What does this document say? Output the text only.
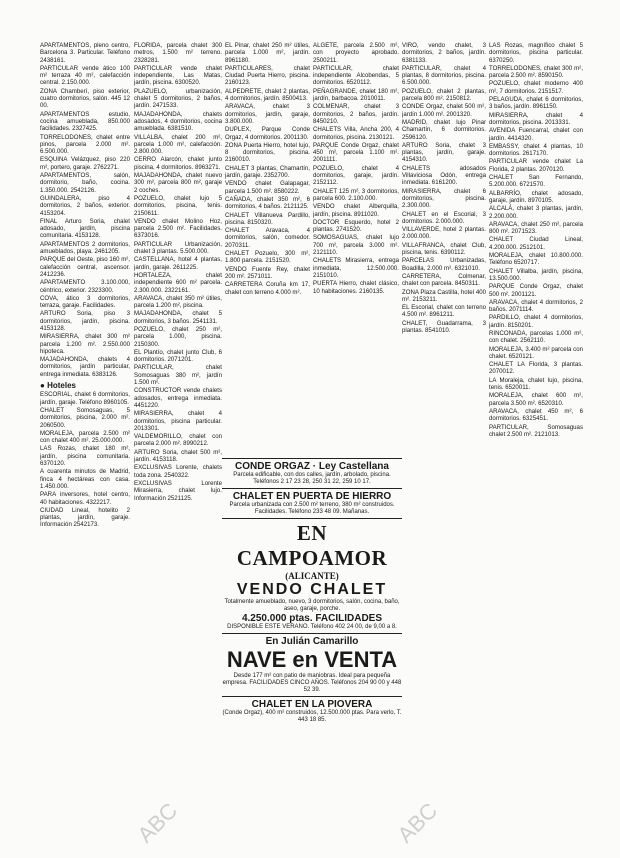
APARTAMENTOS, pleno centro, Barcelona 3. Particular. Teléfono 2438161.

PARTICULAR vende ático 100 m² terraza 40 m², calefacción central. 2.150.000.

ZONA Chamberí, piso exterior, cuatro dormitorios, salón. 445 12 00.

APARTAMENTOS estudio, cocina amueblada, 850.000 facilidades. 2327425.

TORRELODONES, chalet entre pinos, parcela 2.000 m². 6.500.000.

ESQUINA Velázquez, piso 220 m², portero, garaje. 2762271.

APARTAMENTOS, salón, dormitorio, baño, cocina. 1.350.000. 2542126.

GUINDALERA, piso 4 dormitorios, 2 baños, exterior. 4153204.

FINAL Arturo Soria, chalet adosado, jardín, piscina comunitaria. 4153128.

APARTAMENTOS 2 dormitorios, amueblados, playa. 2461205.

PARQUE del Oeste, piso 160 m², calefacción central, ascensor. 2412236.

APARTAMENTO 3.100.000, céntrico, exterior. 2323300.

COVA, ático 3 dormitorios, terraza, garaje. Facilidades.

ARTURO Soria, piso 3 dormitorios, jardín, piscina. 4153128.

MIRASIERRA, chalet 300 m² parcela 1.200 m². 2.550.000 hipoteca.

MAJADAHONDA, chalets 4 dormitorios, jardín particular, entrega inmediata. 6383126.

● Hoteles

ESCORIAL, chalet 6 dormitorios, jardín, garaje. Teléfono 8960105.

CHALET Somosaguas, 5 dormitorios, piscina, 2.000 m². 2060500.

MORALEJA, parcela 2.500 m² con chalet 400 m². 25.000.000.

LAS Rozas, chalet 180 m², jardín, piscina comunitaria. 6370120.

A cuarenta minutos de Madrid, finca 4 hectáreas con casa. 1.450.000.

PARA inversores, hotel centro, 40 habitaciones. 4322217.

CIUDAD Lineal, hotelito 2 plantas, jardín, garaje. Información 2542173.

FLORIDA, parcela chalet 300 metros, 1.500 m² terreno. 2328281.

PARTICULAR vende chalet independiente, Las Matas, jardín, piscina. 6300520.

PLAZUELO, urbanización, chalet 5 dormitorios, 2 baños, jardín. 2471533.

MAJADAHONDA, chalets adosados, 4 dormitorios, cocina amueblada. 6381510.

VILLALBA, chalet 200 m², parcela 1.000 m², calefacción. 2.800.000.

CERRO Alarcón, chalet junto piscina, 4 dormitorios. 8963271.

MAJADAHONDA, chalet nuevo 300 m², parcela 800 m², garaje 2 coches.

POZUELO, chalet lujo 5 dormitorios, piscina, tenis. 2150611.

VENDO chalet Molino Hoz, parcela 2.500 m². Facilidades. 6373016.

PARTICULAR Urbanización, chalet 3 plantas. 5.500.000.

CASTELLANA, hotel 4 plantas, jardín, garaje. 2611225.

HORTALEZA, chalet independiente 600 m² parcela. 2.300.000. 2322161.

ARAVACA, chalet 350 m² útiles, parcela 1.200 m², piscina.

MAJADAHONDA, chalet 5 dormitorios, 3 baños. 2541131.

POZUELO, chalet 250 m², parcela 1.000, piscina. 2150300.

EL Plantío, chalet junto Club, 6 dormitorios. 2071201.

PARTICULAR, chalet Somosaguas 380 m², jardín 1.500 m².

CONSTRUCTOR vende chalets adosados, entrega inmediata. 4451220.

MIRASIERRA, chalet 4 dormitorios, piscina particular. 2013301.

VALDEMORILLO, chalet con parcela 2.000 m². 8990212.

ARTURO Soria, chalet 500 m², jardín. 4153118.

EXCLUSIVAS Lorente, chalets toda zona. 2540322.

EXCLUSIVAS Lorente Mirasierra, chalet lujo. Información 2521125.

EL Pinar, chalet 250 m² útiles, parcela 1.000 m², jardín. 8961180.

PARTICULARES, chalet Ciudad Puerta Hierro, piscina. 2160123.

ALPEDRETE, chalet 2 plantas, 4 dormitorios, jardín. 8500413.

ARAVACA, chalet 3 dormitorios, jardín, garaje, 3.800.000.

DUPLEX, Parque Conde Orgaz, 4 dormitorios. 2001130.

ZONA Puerta Hierro, hotel lujo, 8 dormitorios, piscina. 2160010.

CHALET 3 plantas, Chamartín, jardín, garaje. 2352700.

VENDO chalet Galapagar, parcela 1.500 m². 8580222.

CAÑADA, chalet 350 m², 6 dormitorios, 4 baños. 2121125.

CHALET Villanueva Pardillo, piscina. 8150320.

CHALET Aravaca, 4 dormitorios, salón, comedor. 2070311.

CHALET Pozuelo, 300 m², 1.800 parcela. 2151520.

VENDO Fuente Rey, chalet 200 m². 2571011.

CARRETERA Coruña km 17, chalet con terreno 4.000 m².

ALGETE, parcela 2.500 m², con proyecto aprobado. 2500211.

PARTICULAR, chalet independiente Alcobendas, 5 dormitorios. 6520112.

PEÑAGRANDE, chalet 180 m², jardín, barbacoa. 2010011.

COLMENAR, chalet 3 dormitorios, 2 baños, jardín. 8450210.

CHALETS Villa, Ancha 200, 4 dormitorios, piscina. 2130121.

PARQUE Conde Orgaz, chalet 450 m², parcela 1.100 m². 2001111.

POZUELO, chalet 4 dormitorios, garaje, jardín. 2152112.

CHALET 125 m², 3 dormitorios, parcela 600. 2.100.000.

VENDO chalet Alberquilla, jardín, piscina. 8911020.

DOCTOR Esquerdo, hotel 2 plantas. 2741520.

SOMOSAGUAS, chalet lujo 700 m², parcela 3.000 m². 2121110.

CHALETS Mirasierra, entrega inmediata, 12.500.000. 2151010.

PUERTA Hierro, chalet clásico, 10 habitaciones. 2160135.

VIRO, vendo chalet, 3 dormitorios, 2 baños, jardín. 6381133.

PARTICULAR, chalet 4 plantas, 8 dormitorios, piscina. 6.500.000.

POZUELO, chalet 2 plantas, parcela 800 m². 2150812.

CONDE Orgaz, chalet 500 m², jardín 1.000 m². 2001320.

MADRID, chalet lujo Pinar Chamartín, 6 dormitorios. 2596120.

ARTURO Soria, chalet 3 plantas, jardín, garaje. 4154310.

CHALETS adosados Villaviciosa Odón, entrega inmediata. 6161200.

MIRASIERRA, chalet 6 dormitorios, piscina. 2.300.000.

CHALET en el Escorial, 3 dormitorios. 2.000.000.

VILLAVERDE, hotel 2 plantas. 2.000.000.

VILLAFRANCA, chalet Club, piscina, tenis. 6390112.

PARCELAS Urbanizadas, Boadilla, 2.000 m². 6321010.

CARRETERA, Colmenar, chalet con parcela. 8450311.

ZONA Plaza Castilla, hotel 400 m². 2153211.

EL Escorial, chalet con terreno 4.500 m². 8961211.

CHALET, Guadarrama, 3 plantas. 8541010.

LAS Rozas, magnífico chalet 5 dormitorios, piscina particular. 6370250.

TORRELODONES, chalet 300 m², parcela 2.500 m². 8590150.

POZUELO, chalet moderno 400 m², 7 dormitorios. 2151517.

PELAGUDA, chalet 6 dormitorios, 3 baños, jardín. 8961150.

MIRASIERRA, chalet 4 dormitorios, piscina. 2013331.

AVENIDA Fuencarral, chalet con jardín. 4414320.

EMBASSY, chalet 4 plantas, 10 dormitorios. 2617170.

PARTICULAR vende chalet La Florida, 2 plantas. 2070120.

CHALET San Fernando, 5.200.000. 6721570.

ALBARRÍO, chalet adosado, garaje, jardín. 8970105.

ALCALÁ, chalet 3 plantas, jardín, 2.200.000.

ARAVACA, chalet 250 m², parcela 800 m². 2071523.

CHALET Ciudad Lineal, 4.200.000. 2512101.

MORALEJA, chalet 10.800.000. Teléfono 6520717.

CHALET Villalba, jardín, piscina, 13.500.000.

PARQUE Conde Orgaz, chalet 500 m². 2001121.

ARAVACA, chalet 4 dormitorios, 2 baños. 2071114.

PARDILLO, chalet 4 dormitorios, jardín. 8150201.

RINCONADA, parcelas 1.000 m², con chalet. 2562110.

MORALEJA, 3.400 m² parcela con chalet. 6520121.

CHALET LA Florida, 3 plantas. 2070012.

LA Moraleja, chalet lujo, piscina, tenis. 6520011.

MORALEJA, chalet 600 m², parcela 3.500 m². 6520310.

ARAVACA, chalet 450 m², 6 dormitorios. 6325451.

PARTICULAR, Somosaguas chalet 2.500 m². 2121013.

CONDE ORGAZ · Ley Castellana
Parcela edificable, con dos calles, jardín, arbolado, piscina. Teléfonos 2 17 23 28, 250 31 22, 259 10 17.
CHALET EN PUERTA DE HIERRO
Parcela urbanizada con 2.500 m² terreno, 380 m² construidos. Facilidades. Teléfono 233 48 09. Mañanas.
EN CAMPOAMOR
(ALICANTE)
VENDO CHALET
Totalmente amueblado, nuevo, 3 dormitorios, salón, cocina, baño, aseo, garaje, porche.
4.250.000 ptas. FACILIDADES
DISPONIBLE ESTE VERANO. Teléfono 402 24 00, de 9,00 a 8.
En Julián Camarillo
NAVE en VENTA
Desde 177 m² con patio de maniobras. Ideal para pequeña empresa. FACILIDADES CINCO AÑOS. Teléfonos 204 90 00 y 448 52 39.
CHALET EN LA PIOVERA
(Conde Orgaz), 400 m² construidos, 12.500.000 ptas. Para verlo, T. 443 18 85.
ABC	ABC
